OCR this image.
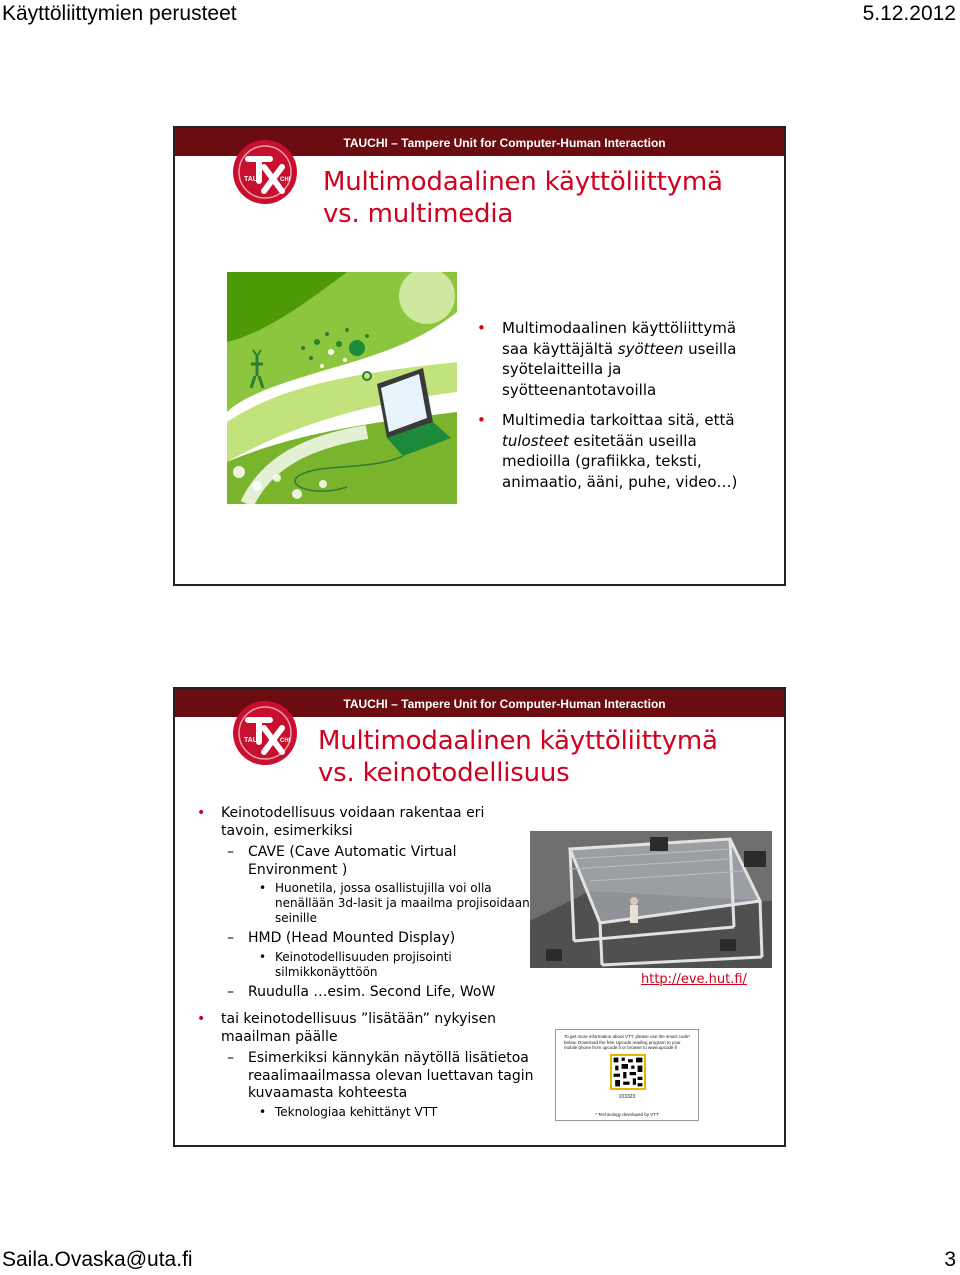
Käyttöliittymien perusteet	5.12.2012
TAUCHI – Tampere Unit for Computer-Human Interaction
TAU	CHI Multimodaalinen käyttöliittymä
vs. multimedia
• Multimodaalinen käyttöliittymä saa käyttäjältä syötteen useilla syötelaitteilla ja syötteenantotavoilla
• Multimedia tarkoittaa sitä, että tulosteet esitetään useilla medioilla (grafiikka, teksti, animaatio, ääni, puhe, video…)
TAUCHI – Tampere Unit for Computer-Human Interaction
TAU	CHI Multimodaalinen käyttöliittymä
vs. keinotodellisuus
• Keinotodellisuus voidaan rakentaa eri tavoin, esimerkiksi
– CAVE (Cave Automatic Virtual Environment )
• Huonetila, jossa osallistujilla voi olla nenällään 3d-lasit ja maailma projisoidaan seinille
– HMD (Head Mounted Display)
• Keinotodellisuuden projisointi silmikkonäyttöön
– Ruudulla …esim. Second Life, WoW
• tai keinotodellisuus ”lisätään” nykyisen maailman päälle
– Esimerkiksi kännykän näytöllä lisätietoa reaalimaailmassa olevan luettavan tagin kuvaamasta kohteesta
• Teknologiaa kehittänyt VTT
http://eve.hut.fi/
To get more information about VTT, please use the smart code* below. Download the free Upcode reading program to your mobile phone from upcode.fi or browse to www.upcode.fi
103323
* Technology developed by VTT
Saila.Ovaska@uta.fi	3
